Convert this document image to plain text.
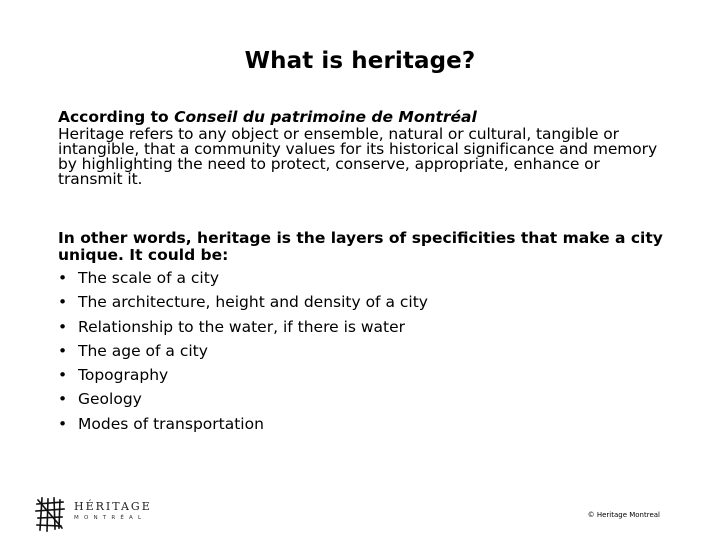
What is heritage?
According to Conseil du patrimoine de Montréal
Heritage refers to any object or ensemble, natural or cultural, tangible or intangible, that a community values for its historical significance and memory by highlighting the need to protect, conserve, appropriate, enhance or transmit it.
In other words, heritage is the layers of specificities that make a city unique. It could be:
• The scale of a city
• The architecture, height and density of a city
• Relationship to the water, if there is water
• The age of a city
• Topography
• Geology
• Modes of transportation
HÉRITAGE
MONTRÉAL	© Heritage Montreal
